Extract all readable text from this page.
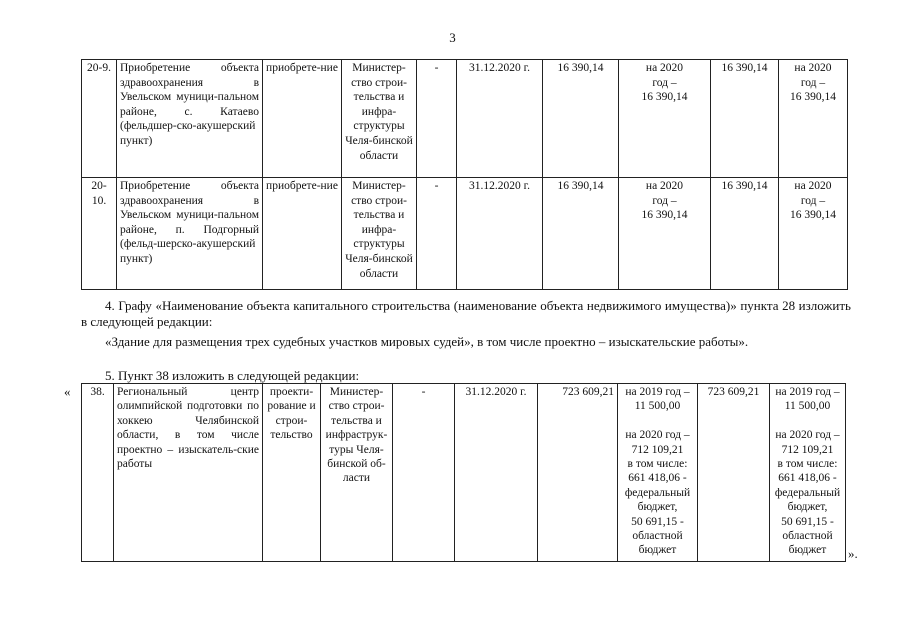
3
20-9.	Приобретение объекта здравоохранения в Увельском муници-пальном районе, с. Катаево (фельдшер-ско-акушерский пункт)	приобрете-ние	Министер-ство строи-тельства и инфра-структуры Челя-бинской области	-	31.12.2020 г.	16 390,14	на 2020
год –
16 390,14	16 390,14	на 2020
год –
16 390,14
20-10.	Приобретение объекта здравоохранения в Увельском муници-пальном районе, п. Подгорный (фельд-шерско-акушерский пункт)	приобрете-ние	Министер-ство строи-тельства и инфра-структуры Челя-бинской области	-	31.12.2020 г.	16 390,14	на 2020
год –
16 390,14	16 390,14	на 2020
год –
16 390,14
4. Графу «Наименование объекта капитального строительства (наименование объекта недвижимого имущества)» пункта 28 изложить в следующей редакции:
«Здание для размещения трех судебных участков мировых судей», в том числе проектно – изыскательские работы».
5. Пункт 38 изложить в следующей редакции:
« 38.	Региональный центр олимпийской подготовки по хоккею Челябинской области, в том числе проектно – изыскатель-ские работы	проекти-рование и строи-тельство	Министер-ство строи-тельства и инфраструк-туры Челя-бинской об-ласти	-	31.12.2020 г.	723 609,21	на 2019 год –
11 500,00

на 2020 год –
712 109,21
в том числе:
661 418,06 -
федеральный
бюджет,
50 691,15 -
областной
бюджет	723 609,21	на 2019 год –
11 500,00

на 2020 год –
712 109,21
в том числе:
661 418,06 -
федеральный
бюджет,
50 691,15 -
областной
бюджет ».
